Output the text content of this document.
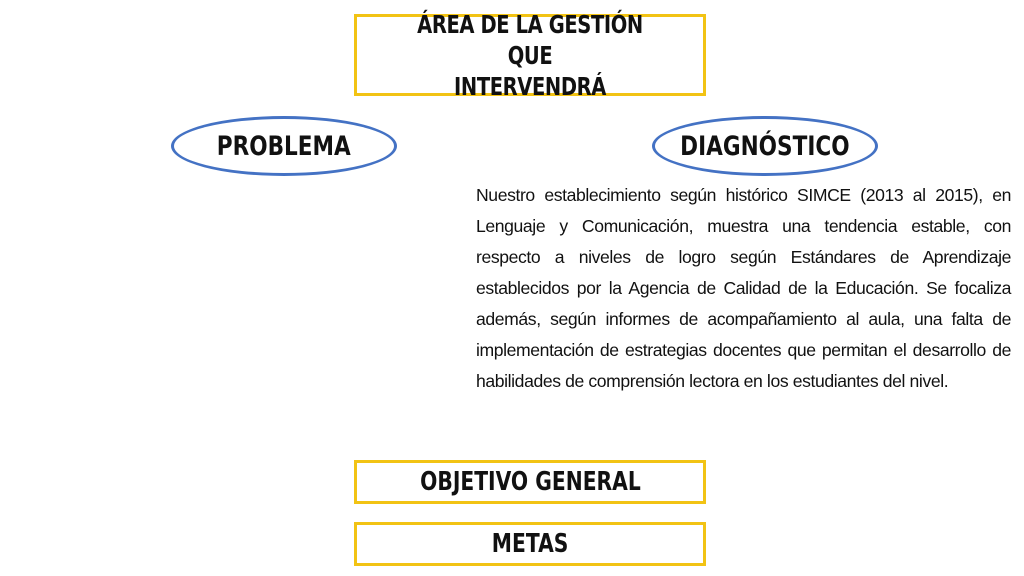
ÁREA DE LA GESTIÓN QUE
INTERVENDRÁ
PROBLEMA	DIAGNÓSTICO

Nuestro establecimiento según histórico SIMCE (2013 al 2015), en Lenguaje y Comunicación, muestra una tendencia estable, con respecto a niveles de logro según Estándares de Aprendizaje establecidos por la Agencia de Calidad de la Educación. Se focaliza además, según informes de acompañamiento al aula, una falta de implementación de estrategias docentes que permitan el desarrollo de habilidades de comprensión lectora en los estudiantes del nivel.

OBJETIVO GENERAL
METAS
